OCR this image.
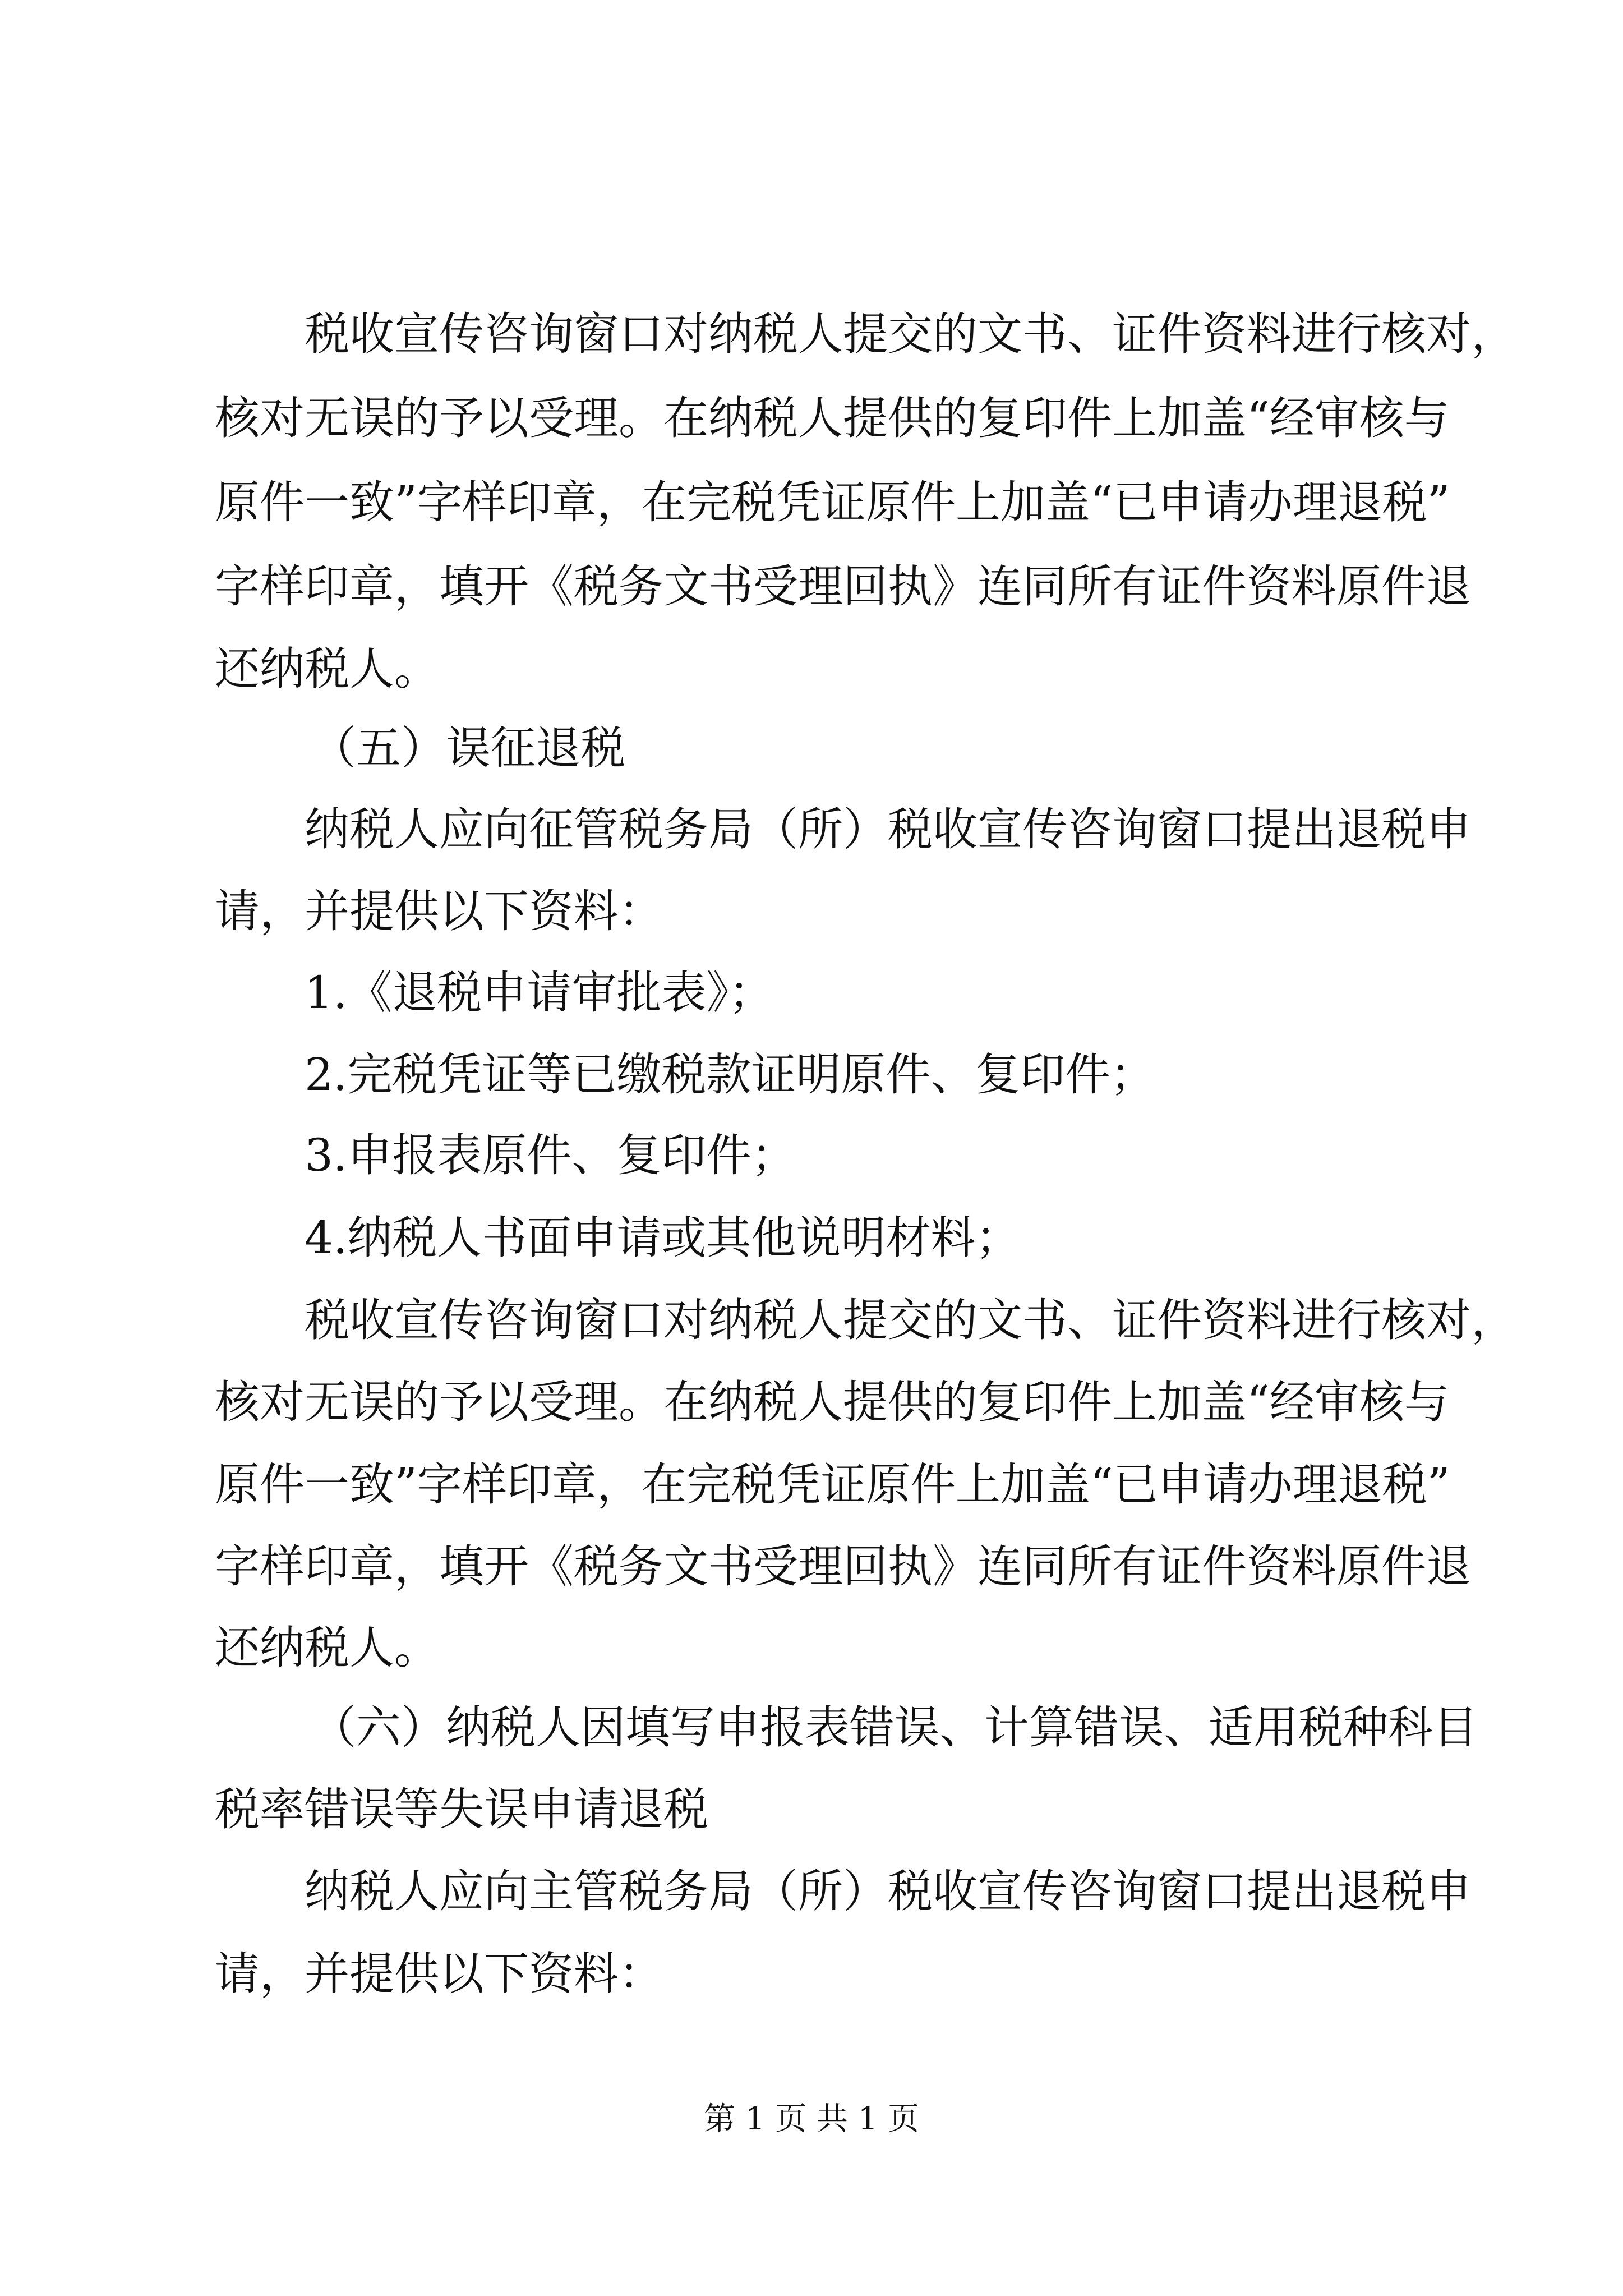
税收宣传咨询窗口对纳税人提交的文书、证件资料进行核对，
核对无误的予以受理。在纳税人提供的复印件上加盖“经审核与
原件一致”字样印章，在完税凭证原件上加盖“已申请办理退税”
字样印章，填开《税务文书受理回执》连同所有证件资料原件退
还纳税人。
（五）误征退税
纳税人应向征管税务局（所）税收宣传咨询窗口提出退税申
请，并提供以下资料：
1.《退税申请审批表》；
2.完税凭证等已缴税款证明原件、复印件；
3.申报表原件、复印件；
4.纳税人书面申请或其他说明材料；
税收宣传咨询窗口对纳税人提交的文书、证件资料进行核对，
核对无误的予以受理。在纳税人提供的复印件上加盖“经审核与
原件一致”字样印章，在完税凭证原件上加盖“已申请办理退税”
字样印章，填开《税务文书受理回执》连同所有证件资料原件退
还纳税人。
（六）纳税人因填写申报表错误、计算错误、适用税种科目
税率错误等失误申请退税
纳税人应向主管税务局（所）税收宣传咨询窗口提出退税申
请，并提供以下资料：
第 1 页 共 1 页
